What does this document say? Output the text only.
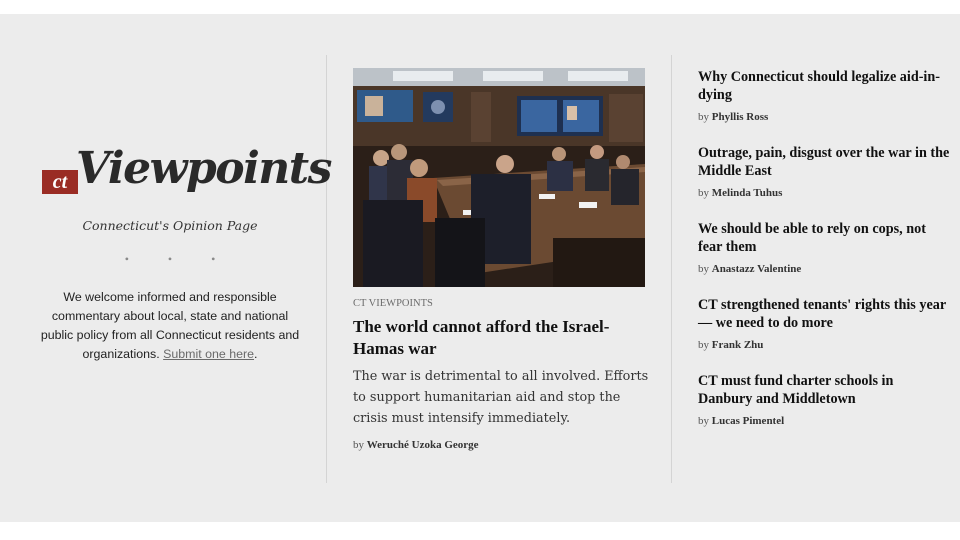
ct Viewpoints
Connecticut's Opinion Page
• • •
We welcome informed and responsible commentary about local, state and national public policy from all Connecticut residents and organizations. Submit one here.
CT VIEWPOINTS
The world cannot afford the Israel-Hamas war
The war is detrimental to all involved. Efforts to support humanitarian aid and stop the crisis must intensify immediately.
by Weruché Uzoka George
Why Connecticut should legalize aid-in-dying
by Phyllis Ross
Outrage, pain, disgust over the war in the Middle East
by Melinda Tuhus
We should be able to rely on cops, not fear them
by Anastazz Valentine
CT strengthened tenants' rights this year — we need to do more
by Frank Zhu
CT must fund charter schools in Danbury and Middletown
by Lucas Pimentel
